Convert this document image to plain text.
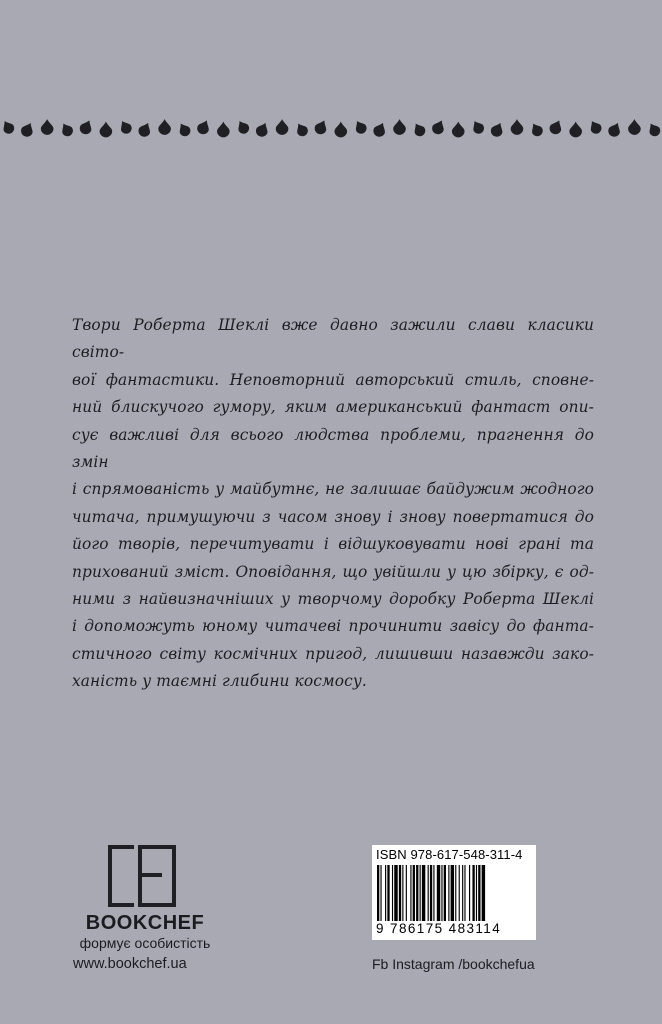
Твори Роберта Шеклі вже давно зажили слави класики світо-
вої фантастики. Неповторний авторський стиль, сповне-
ний блискучого гумору, яким американський фантаст опи-
сує важливі для всього людства проблеми, прагнення до змін
і спрямованість у майбутнє, не залишає байдужим жодного
читача, примушуючи з часом знову і знову повертатися до
його творів, перечитувати і відшуковувати нові грані та
прихований зміст. Оповідання, що увійшли у цю збірку, є од-
ними з найвизначніших у творчому доробку Роберта Шеклі
і допоможуть юному читачеві прочинити завісу до фанта-
стичного світу космічних пригод, лишивши назавжди зако-
ханість у таємні глибини космосу.
BOOKCHEF
формує особистість
www.bookchef.ua
ISBN 978-617-548-311-4
9 786175 483114
Fb Instagram /bookchefua
